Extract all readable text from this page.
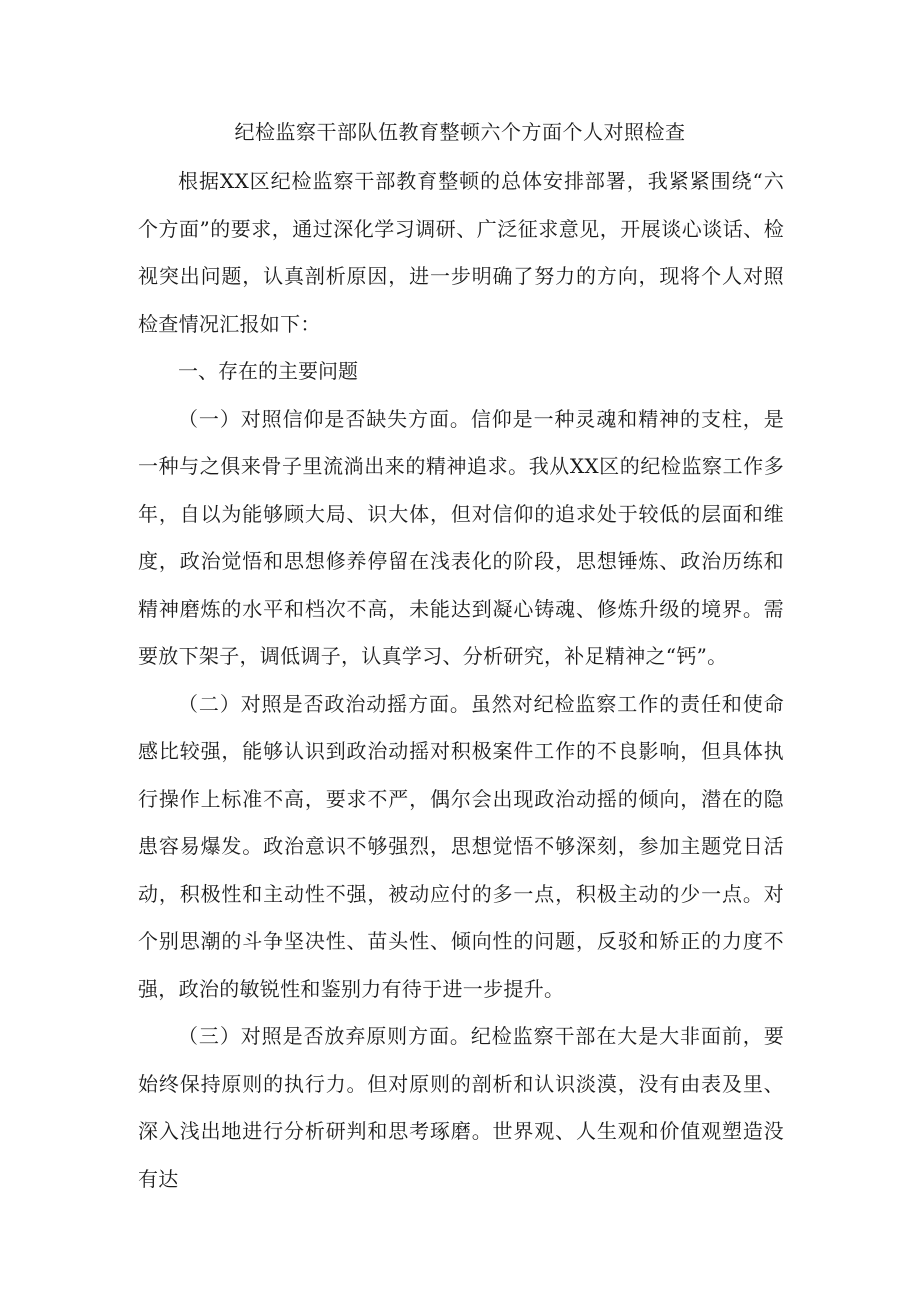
纪检监察干部队伍教育整顿六个方面个人对照检查

根据XX区纪检监察干部教育整顿的总体安排部署，我紧紧围绕“六个方面”的要求，通过深化学习调研、广泛征求意见，开展谈心谈话、检视突出问题，认真剖析原因，进一步明确了努力的方向，现将个人对照检查情况汇报如下：

一、存在的主要问题

（一）对照信仰是否缺失方面。信仰是一种灵魂和精神的支柱，是一种与之俱来骨子里流淌出来的精神追求。我从XX区的纪检监察工作多年，自以为能够顾大局、识大体，但对信仰的追求处于较低的层面和维度，政治觉悟和思想修养停留在浅表化的阶段，思想锤炼、政治历练和精神磨炼的水平和档次不高，未能达到凝心铸魂、修炼升级的境界。需要放下架子，调低调子，认真学习、分析研究，补足精神之“钙”。

（二）对照是否政治动摇方面。虽然对纪检监察工作的责任和使命感比较强，能够认识到政治动摇对积极案件工作的不良影响，但具体执行操作上标准不高，要求不严，偶尔会出现政治动摇的倾向，潜在的隐患容易爆发。政治意识不够强烈，思想觉悟不够深刻，参加主题党日活动，积极性和主动性不强，被动应付的多一点，积极主动的少一点。对个别思潮的斗争坚决性、苗头性、倾向性的问题，反驳和矫正的力度不强，政治的敏锐性和鉴别力有待于进一步提升。

（三）对照是否放弃原则方面。纪检监察干部在大是大非面前，要始终保持原则的执行力。但对原则的剖析和认识淡漠，没有由表及里、深入浅出地进行分析研判和思考琢磨。世界观、人生观和价值观塑造没有达
